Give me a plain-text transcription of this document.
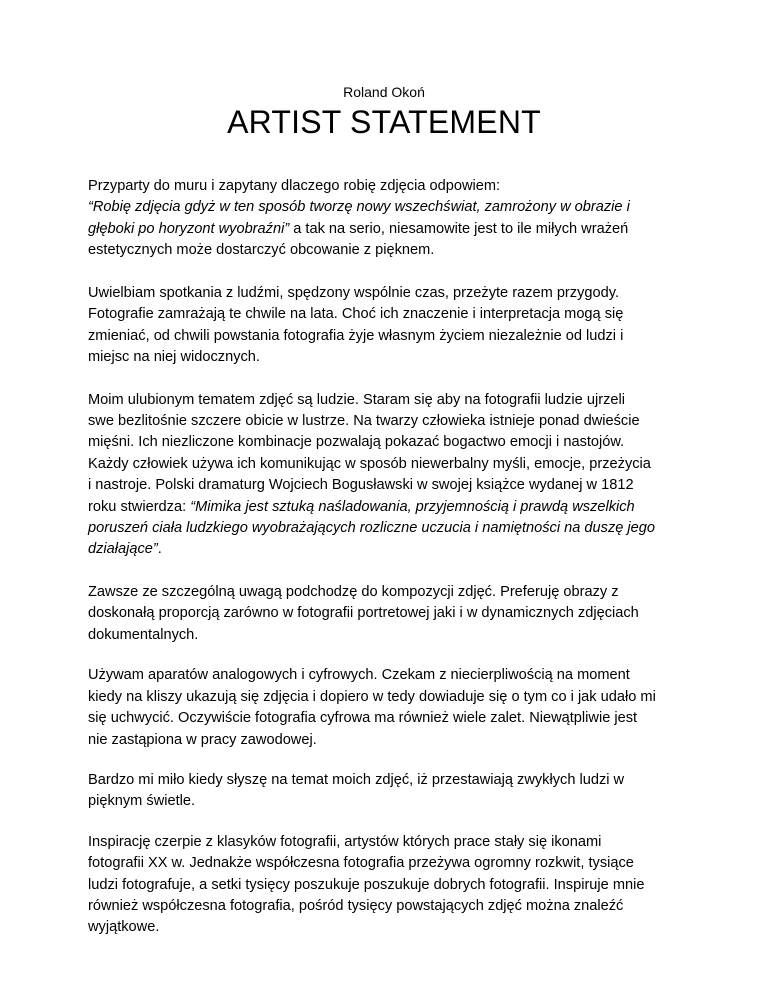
Roland Okoń
ARTIST STATEMENT

Przyparty do muru i zapytany dlaczego robię zdjęcia odpowiem:
“Robię zdjęcia gdyż w ten sposób tworzę nowy wszechświat, zamrożony w obrazie i
głęboki po horyzont wyobraźni” a tak na serio, niesamowite jest to ile miłych wrażeń
estetycznych może dostarczyć obcowanie z pięknem.

Uwielbiam spotkania z ludźmi, spędzony wspólnie czas, przeżyte razem przygody.
Fotografie zamrażają te chwile na lata. Choć ich znaczenie i interpretacja mogą się
zmieniać, od chwili powstania fotografia żyje własnym życiem niezależnie od ludzi i
miejsc na niej widocznych.

Moim ulubionym tematem zdjęć są ludzie. Staram się aby na fotografii ludzie ujrzeli
swe bezlitośnie szczere obicie w lustrze. Na twarzy człowieka istnieje ponad dwieście
mięśni. Ich niezliczone kombinacje pozwalają pokazać bogactwo emocji i nastojów.
Każdy człowiek używa ich komunikując w sposób niewerbalny myśli, emocje, przeżycia
i nastroje. Polski dramaturg Wojciech Bogusławski w swojej książce wydanej w 1812
roku stwierdza: “Mimika jest sztuką naśladowania, przyjemnością i prawdą wszelkich
poruszeń ciała ludzkiego wyobrażających rozliczne uczucia i namiętności na duszę jego
działające”.

Zawsze ze szczególną uwagą podchodzę do kompozycji zdjęć. Preferuję obrazy z
doskonałą proporcją zarówno w fotografii portretowej jaki i w dynamicznych zdjęciach
dokumentalnych.

Używam aparatów analogowych i cyfrowych. Czekam z niecierpliwością na moment
kiedy na kliszy ukazują się zdjęcia i dopiero w tedy dowiaduje się o tym co i jak udało mi
się uchwycić. Oczywiście fotografia cyfrowa ma również wiele zalet. Niewątpliwie jest
nie zastąpiona w pracy zawodowej.

Bardzo mi miło kiedy słyszę na temat moich zdjęć, iż przestawiają zwykłych ludzi w
pięknym świetle.

Inspirację czerpie z klasyków fotografii, artystów których prace stały się ikonami
fotografii XX w. Jednakże współczesna fotografia przeżywa ogromny rozkwit, tysiące
ludzi fotografuje, a setki tysięcy poszukuje poszukuje dobrych fotografii. Inspiruje mnie
również współczesna fotografia, pośród tysięcy powstających zdjęć można znaleźć
wyjątkowe.
